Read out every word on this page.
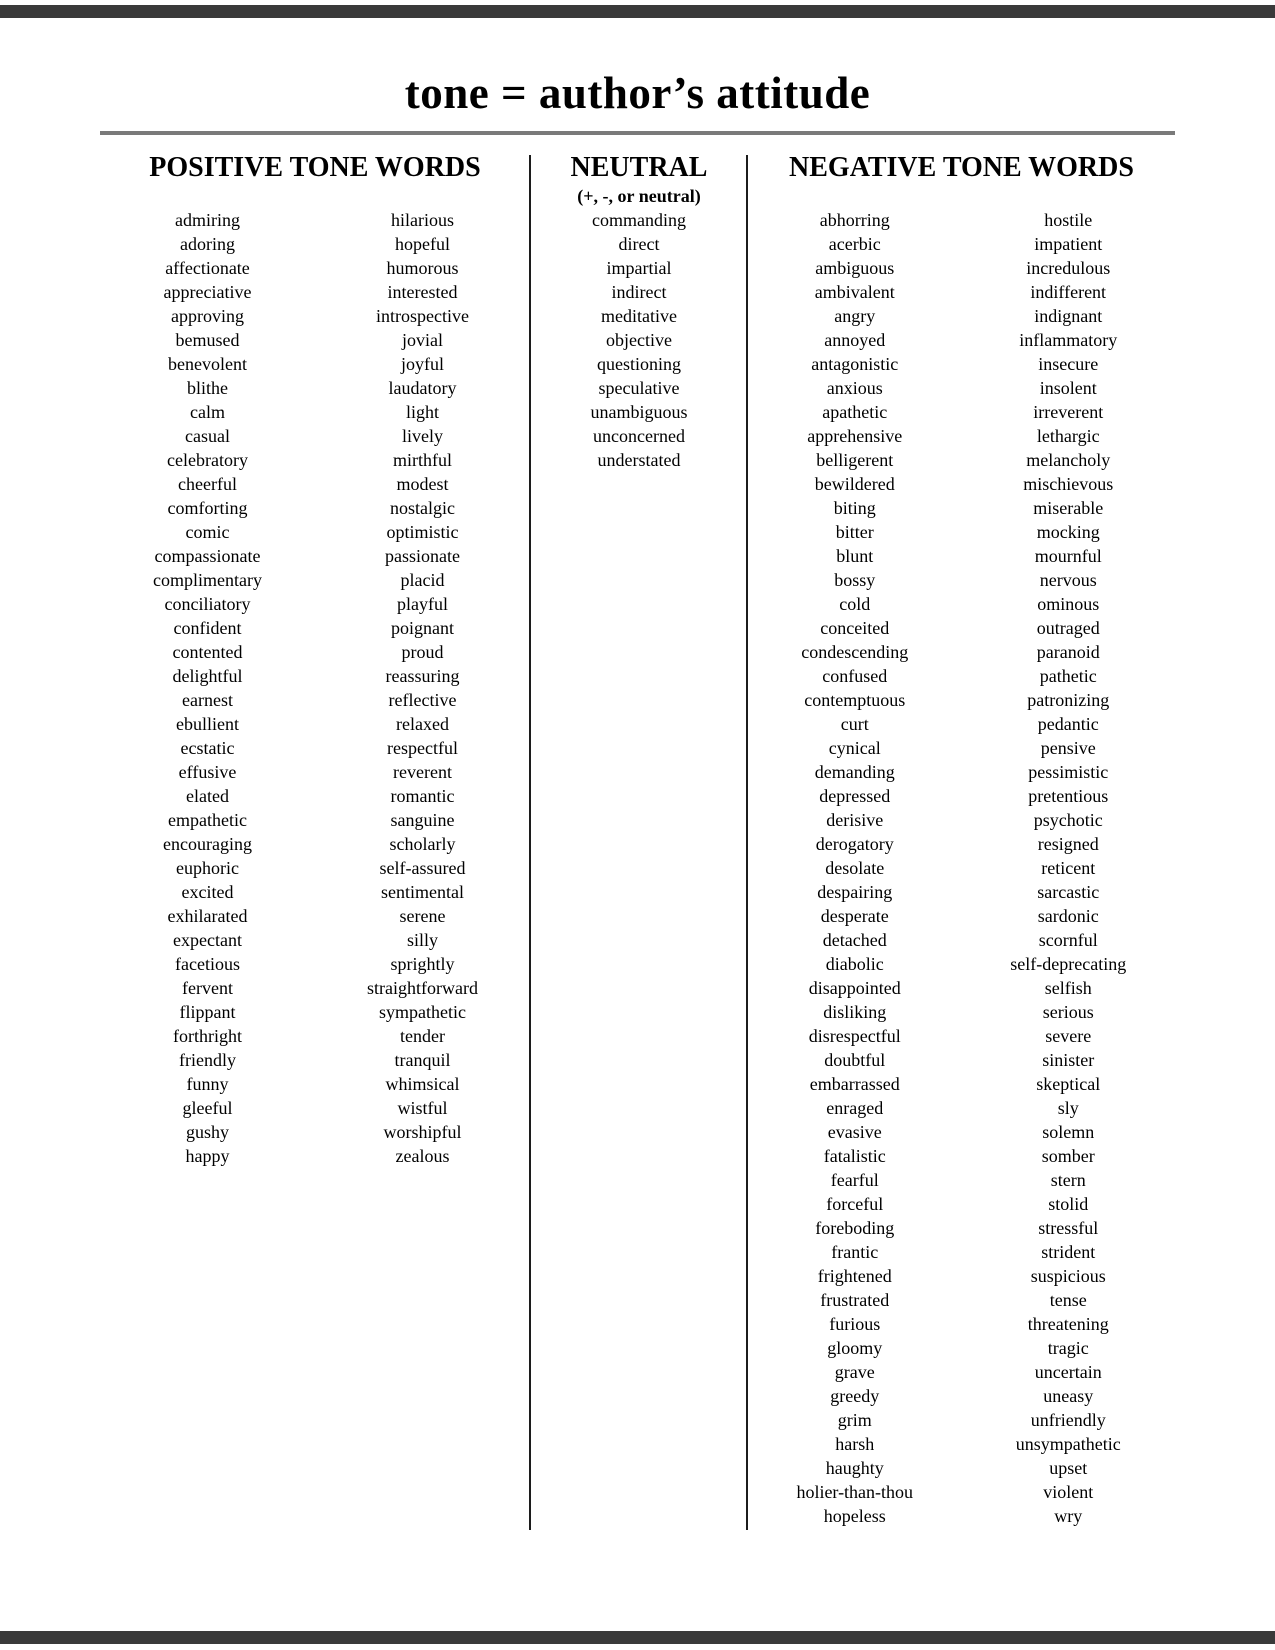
tone = author’s attitude
POSITIVE TONE WORDS
admiring
adoring
affectionate
appreciative
approving
bemused
benevolent
blithe
calm
casual
celebratory
cheerful
comforting
comic
compassionate
complimentary
conciliatory
confident
contented
delightful
earnest
ebullient
ecstatic
effusive
elated
empathetic
encouraging
euphoric
excited
exhilarated
expectant
facetious
fervent
flippant
forthright
friendly
funny
gleeful
gushy
happy
hilarious
hopeful
humorous
interested
introspective
jovial
joyful
laudatory
light
lively
mirthful
modest
nostalgic
optimistic
passionate
placid
playful
poignant
proud
reassuring
reflective
relaxed
respectful
reverent
romantic
sanguine
scholarly
self-assured
sentimental
serene
silly
sprightly
straightforward
sympathetic
tender
tranquil
whimsical
wistful
worshipful
zealous
NEUTRAL
(+, -, or neutral)
commanding
direct
impartial
indirect
meditative
objective
questioning
speculative
unambiguous
unconcerned
understated
NEGATIVE TONE WORDS
abhorring
acerbic
ambiguous
ambivalent
angry
annoyed
antagonistic
anxious
apathetic
apprehensive
belligerent
bewildered
biting
bitter
blunt
bossy
cold
conceited
condescending
confused
contemptuous
curt
cynical
demanding
depressed
derisive
derogatory
desolate
despairing
desperate
detached
diabolic
disappointed
disliking
disrespectful
doubtful
embarrassed
enraged
evasive
fatalistic
fearful
forceful
foreboding
frantic
frightened
frustrated
furious
gloomy
grave
greedy
grim
harsh
haughty
holier-than-thou
hopeless
hostile
impatient
incredulous
indifferent
indignant
inflammatory
insecure
insolent
irreverent
lethargic
melancholy
mischievous
miserable
mocking
mournful
nervous
ominous
outraged
paranoid
pathetic
patronizing
pedantic
pensive
pessimistic
pretentious
psychotic
resigned
reticent
sarcastic
sardonic
scornful
self-deprecating
selfish
serious
severe
sinister
skeptical
sly
solemn
somber
stern
stolid
stressful
strident
suspicious
tense
threatening
tragic
uncertain
uneasy
unfriendly
unsympathetic
upset
violent
wry
